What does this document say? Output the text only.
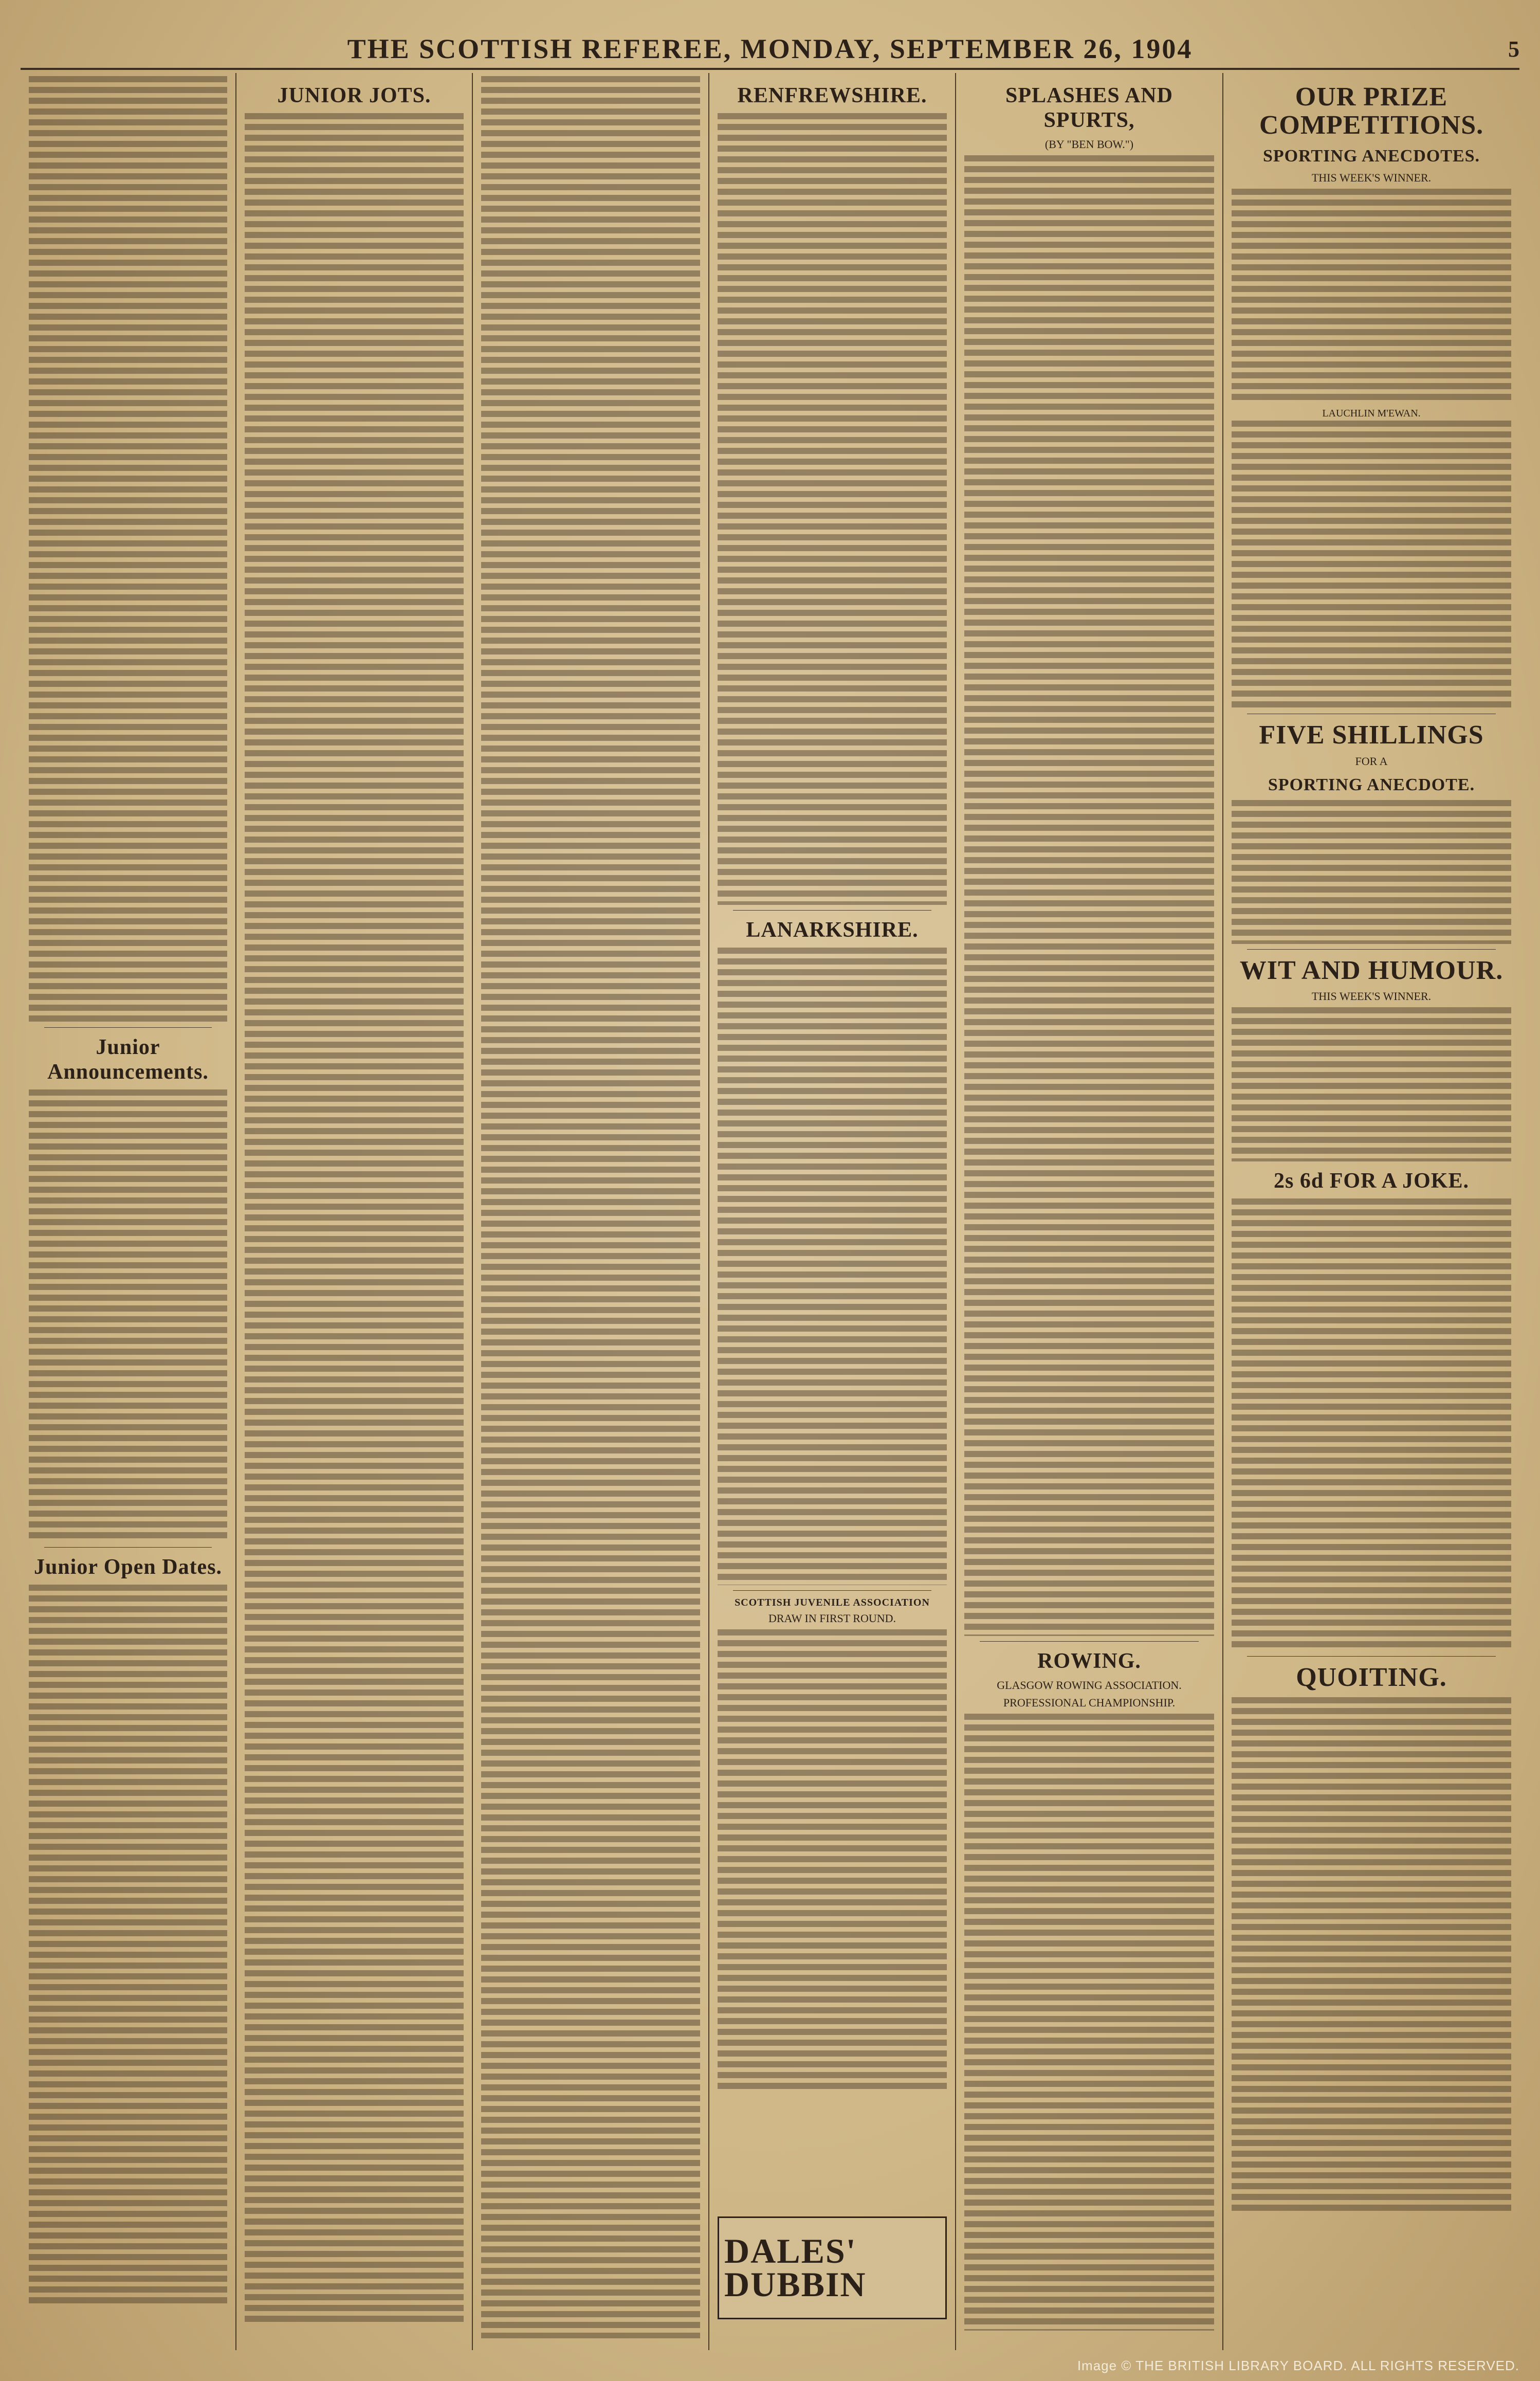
THE SCOTTISH REFEREE, MONDAY, SEPTEMBER 26, 1904	5
Junior Announcements.
Junior Open Dates.
JUNIOR JOTS.	RENFREWSHIRE.
LANARKSHIRE.
SCOTTISH JUVENILE ASSOCIATION
DRAW IN FIRST ROUND.
DALES'
DUBBIN
SPLASHES AND SPURTS,
(BY "BEN BOW.")
ROWING.
GLASGOW ROWING ASSOCIATION.
PROFESSIONAL CHAMPIONSHIP.
OUR PRIZE COMPETITIONS.
SPORTING ANECDOTES.
THIS WEEK'S WINNER.
LAUCHLIN M'EWAN.
FIVE SHILLINGS
FOR A
SPORTING ANECDOTE.
WIT AND HUMOUR.
THIS WEEK'S WINNER.
2s 6d FOR A JOKE.
QUOITING.
Image © THE BRITISH LIBRARY BOARD. ALL RIGHTS RESERVED.
